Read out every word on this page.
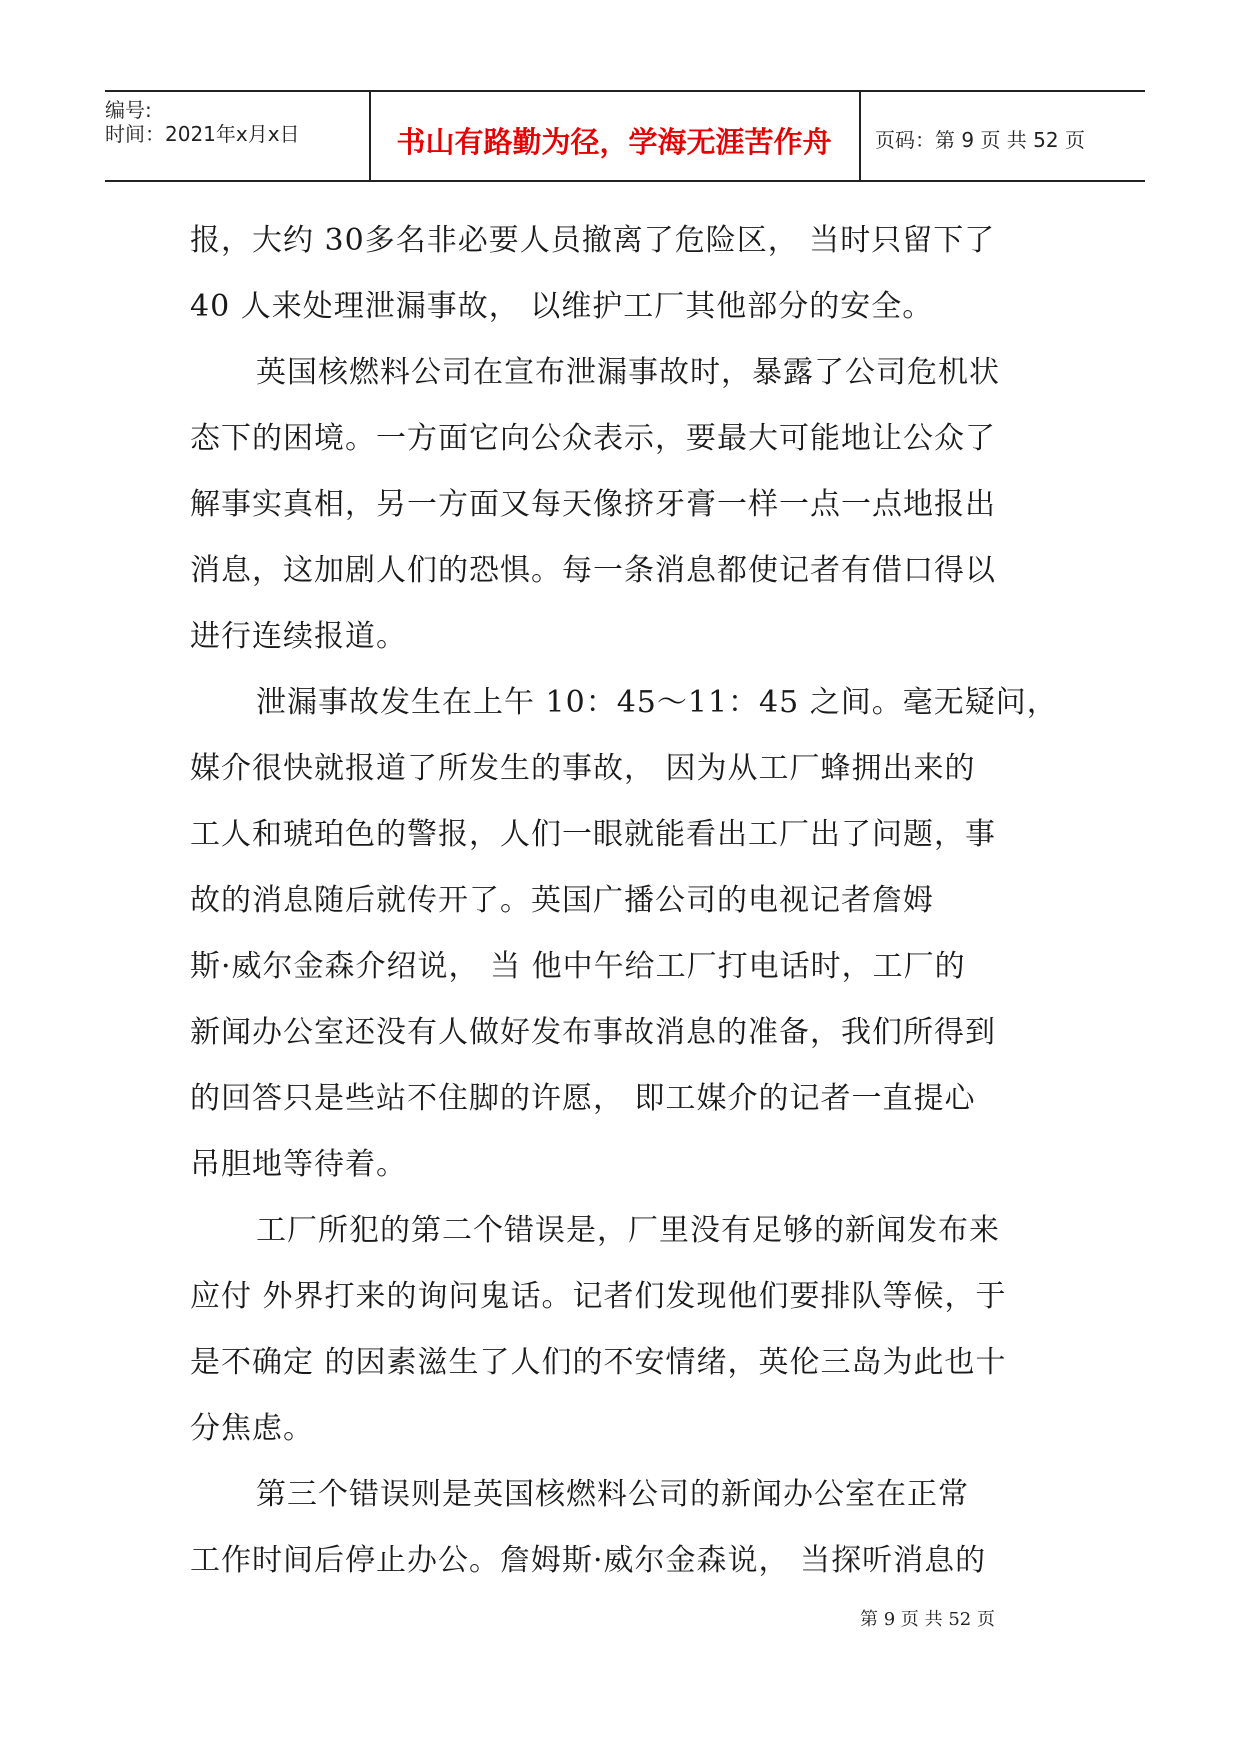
编号:
时间：2021年x月x日	书山有路勤为径，学海无涯苦作舟	页码：第 9 页 共 52 页
报，大约 30多名非必要人员撤离了危险区， 当时只留下了
40 人来处理泄漏事故， 以维护工厂其他部分的安全。
英国核燃料公司在宣布泄漏事故时，暴露了公司危机状
态下的困境。一方面它向公众表示，要最大可能地让公众了
解事实真相，另一方面又每天像挤牙膏一样一点一点地报出
消息，这加剧人们的恐惧。每一条消息都使记者有借口得以
进行连续报道。
泄漏事故发生在上午 10：45～11：45 之间。毫无疑问，
媒介很快就报道了所发生的事故， 因为从工厂蜂拥出来的
工人和琥珀色的警报，人们一眼就能看出工厂出了问题，事
故的消息随后就传开了。英国广播公司的电视记者詹姆
斯·威尔金森介绍说， 当 他中午给工厂打电话时，工厂的
新闻办公室还没有人做好发布事故消息的准备，我们所得到
的回答只是些站不住脚的许愿， 即工媒介的记者一直提心
吊胆地等待着。
工厂所犯的第二个错误是，厂里没有足够的新闻发布来
应付 外界打来的询问鬼话。记者们发现他们要排队等候，于
是不确定 的因素滋生了人们的不安情绪，英伦三岛为此也十
分焦虑。
第三个错误则是英国核燃料公司的新闻办公室在正常
工作时间后停止办公。詹姆斯·威尔金森说， 当探听消息的
第 9 页 共 52 页
